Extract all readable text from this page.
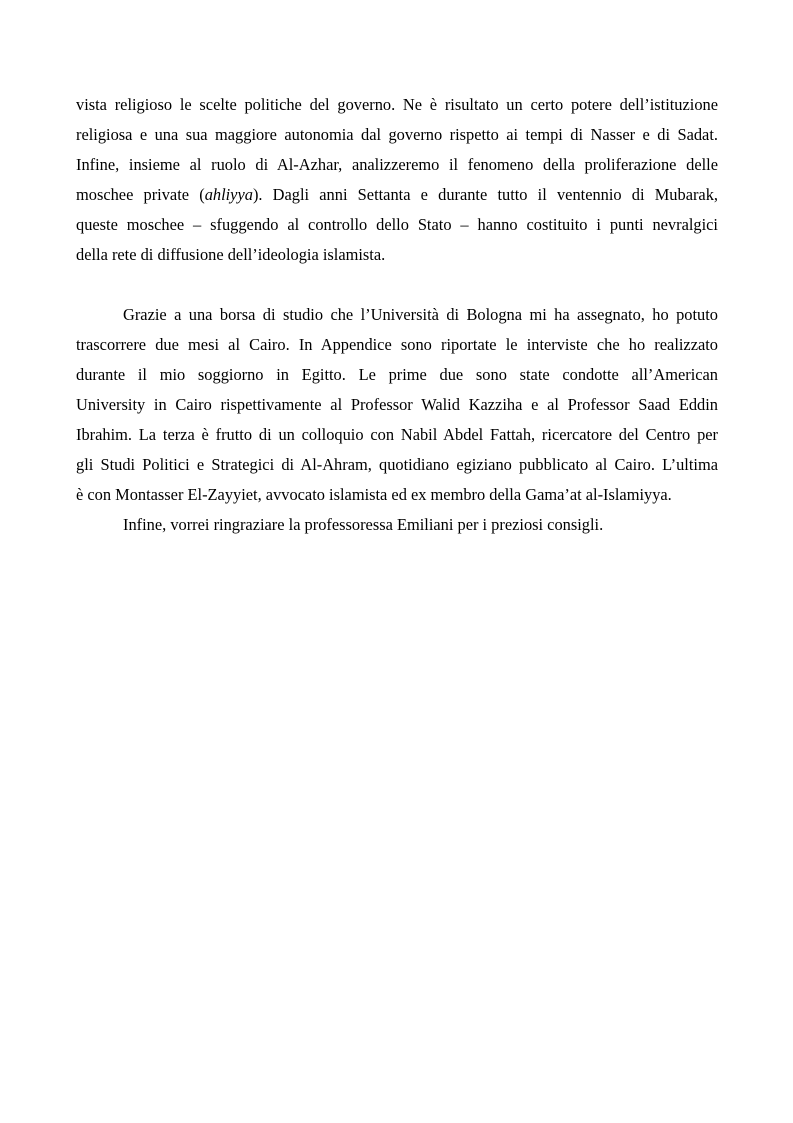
vista religioso le scelte politiche del governo. Ne è risultato un certo potere dell’istituzione
religiosa e una sua maggiore autonomia dal governo rispetto ai tempi di Nasser e di Sadat.
Infine, insieme al ruolo di Al-Azhar, analizzeremo il fenomeno della proliferazione delle
moschee private (ahliyya). Dagli anni Settanta e durante tutto il ventennio di Mubarak,
queste moschee – sfuggendo al controllo dello Stato – hanno costituito i punti nevralgici
della rete di diffusione dell’ideologia islamista.
Grazie a una borsa di studio che l’Università di Bologna mi ha assegnato, ho potuto
trascorrere due mesi al Cairo. In Appendice sono riportate le interviste che ho realizzato
durante il mio soggiorno in Egitto. Le prime due sono state condotte all’American
University in Cairo rispettivamente al Professor Walid Kazziha e al Professor Saad Eddin
Ibrahim. La terza è frutto di un colloquio con Nabil Abdel Fattah, ricercatore del Centro per
gli Studi Politici e Strategici di Al-Ahram, quotidiano egiziano pubblicato al Cairo. L’ultima
è con Montasser El-Zayyiet, avvocato islamista ed ex membro della Gama’at al-Islamiyya.
Infine, vorrei ringraziare la professoressa Emiliani per i preziosi consigli.
